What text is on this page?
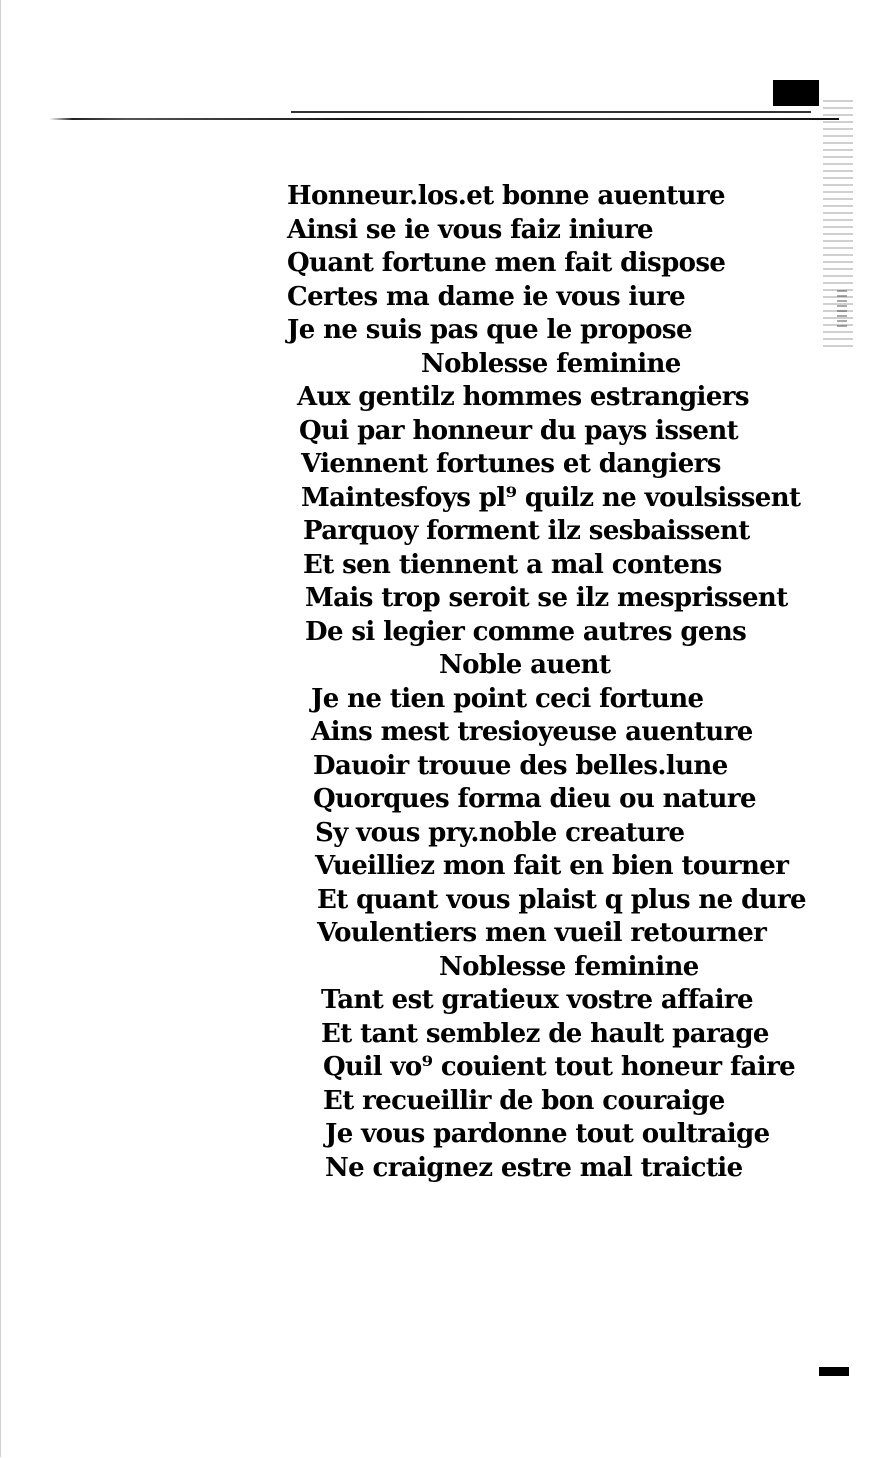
Honneur.los.et bonne auenture
Ainsi se ie vous faiz iniure
Quant fortune men fait dispose
Certes ma dame ie vous iure
Je ne suis pas que le propose
Noblesse feminine
Aux gentilz hommes estrangiers
Qui par honneur du pays issent
Viennent fortunes et dangiers
Maintesfoys pl⁹ quilz ne voulsissent
Parquoy forment ilz sesbaissent
Et sen tiennent a mal contens
Mais trop seroit se ilz mesprissent
De si legier comme autres gens
Noble auent
Je ne tien point ceci fortune
Ains mest tresioyeuse auenture
Dauoir trouue des belles.lune
Quorques forma dieu ou nature
Sy vous pry.noble creature
Vueilliez mon fait en bien tourner
Et quant vous plaist q plus ne dure
Voulentiers men vueil retourner
Noblesse feminine
Tant est gratieux vostre affaire
Et tant semblez de hault parage
Quil vo⁹ couient tout honeur faire
Et recueillir de bon couraige
Je vous pardonne tout oultraige
Ne craignez estre mal traictie
